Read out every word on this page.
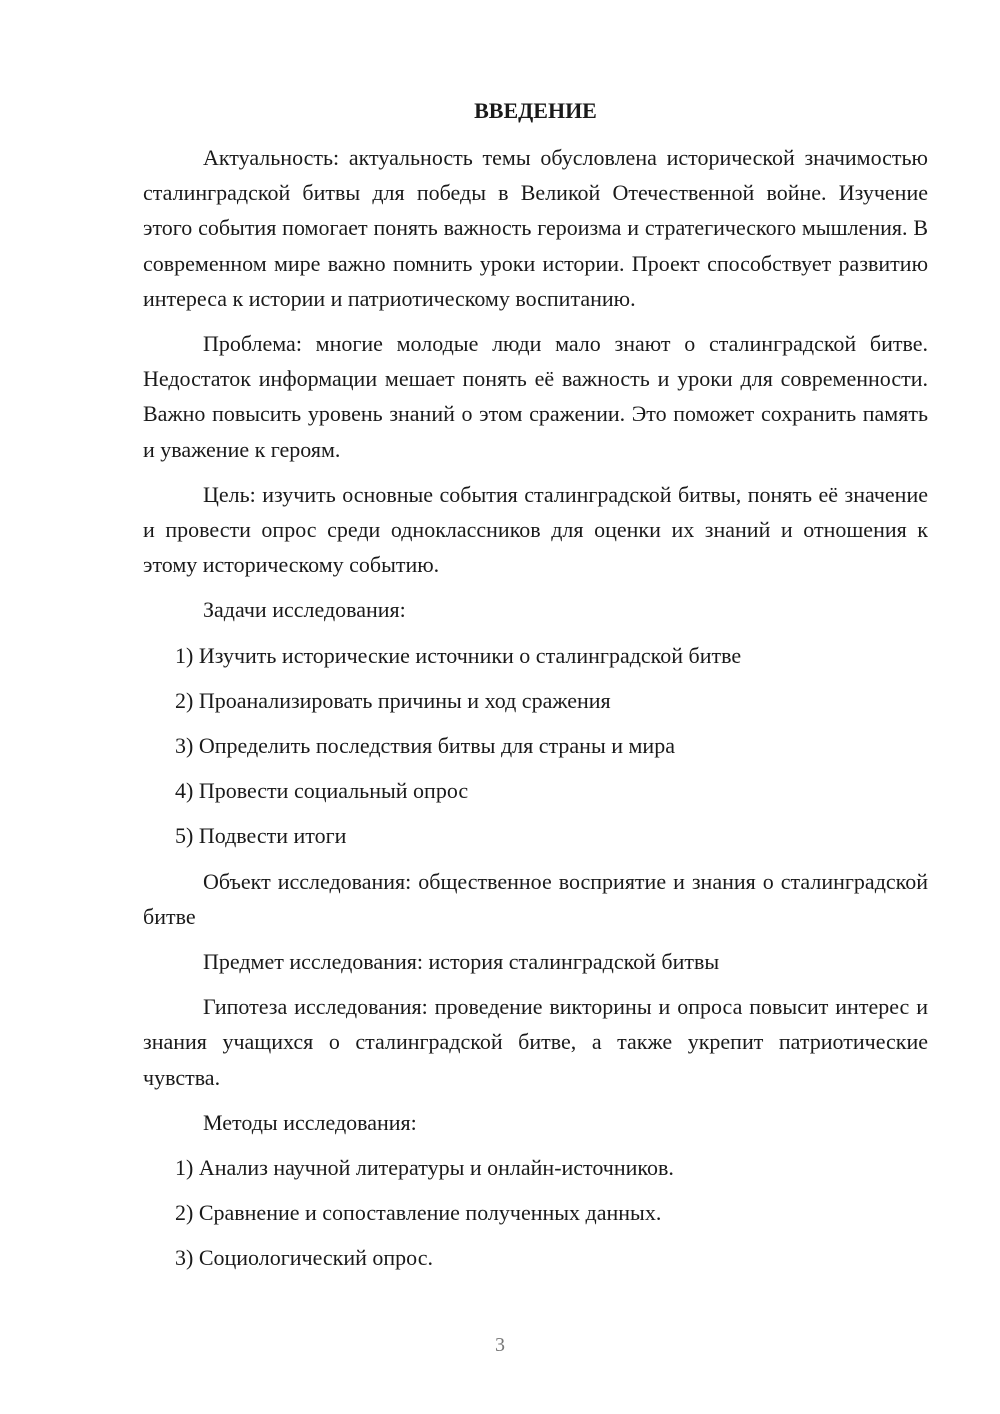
ВВЕДЕНИЕ

Актуальность: актуальность темы обусловлена исторической значимостью сталинградской битвы для победы в Великой Отечественной войне. Изучение этого события помогает понять важность героизма и стратегического мышления. В современном мире важно помнить уроки истории. Проект способствует развитию интереса к истории и патриотическому воспитанию.

Проблема: многие молодые люди мало знают о сталинградской битве. Недостаток информации мешает понять её важность и уроки для современности. Важно повысить уровень знаний о этом сражении. Это поможет сохранить память и уважение к героям.

Цель: изучить основные события сталинградской битвы, понять её значение и провести опрос среди одноклассников для оценки их знаний и отношения к этому историческому событию.

Задачи исследования:

1) Изучить исторические источники о сталинградской битве
2) Проанализировать причины и ход сражения
3) Определить последствия битвы для страны и мира
4) Провести социальный опрос
5) Подвести итоги

Объект исследования: общественное восприятие и знания о сталинградской битве

Предмет исследования: история сталинградской битвы

Гипотеза исследования: проведение викторины и опроса повысит интерес и знания учащихся о сталинградской битве, а также укрепит патриотические чувства.

Методы исследования:

1) Анализ научной литературы и онлайн-источников.
2) Сравнение и сопоставление полученных данных.
3) Социологический опрос.
3
